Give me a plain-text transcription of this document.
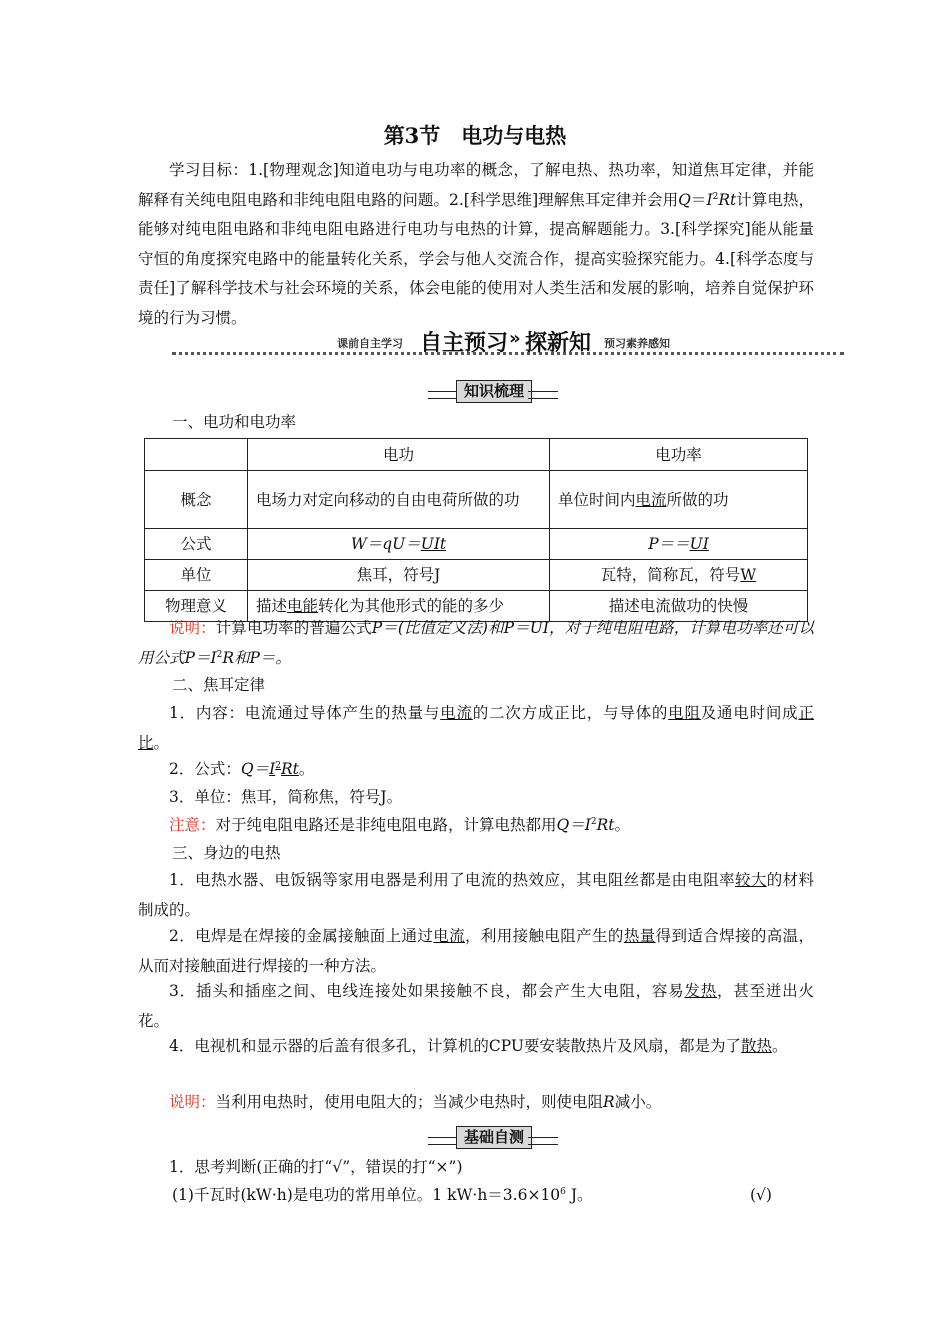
第3节　电功与电热
学习目标：1.[物理观念]知道电功与电功率的概念，了解电热、热功率，知道焦耳定律，并能解释有关纯电阻电路和非纯电阻电路的问题。2.[科学思维]理解焦耳定律并会用$Q=I^2Rt$计算电热，能够对纯电阻电路和非纯电阻电路进行电功与电热的计算，提高解题能力。3.[科学探究]能从能量守恒的角度探究电路中的能量转化关系，学会与他人交流合作，提高实验探究能力。4.[科学态度与责任]了解科学技术与社会环境的关系，体会电能的使用对人类生活和发展的影响，培养自觉保护环境的行为习惯。
课前自主学习 自主预习 » 探新知 预习素养感知
知识梳理
一、电功和电功率
	电功	电功率
概念	电场力对定向移动的自由电荷所做的功	单位时间内电流所做的功
公式	W＝qU＝UIt	P＝＝UI
单位	焦耳，符号J	瓦特，简称瓦，符号W
物理意义	描述电能转化为其他形式的能的多少	描述电流做功的快慢
说明：计算电功率的普遍公式P＝(比值定义法)和P＝UI，对于纯电阻电路，计算电功率还可以用公式$P=I^2R$和P＝。
二、焦耳定律
1．内容：电流通过导体产生的热量与电流的二次方成正比，与导体的电阻及通电时间成正比。
2．公式：$Q=I^2Rt$。
3．单位：焦耳，简称焦，符号J。
注意：对于纯电阻电路还是非纯电阻电路，计算电热都用$Q=I^2Rt$。
三、身边的电热
1．电热水器、电饭锅等家用电器是利用了电流的热效应，其电阻丝都是由电阻率较大的材料制成的。
2．电焊是在焊接的金属接触面上通过电流，利用接触电阻产生的热量得到适合焊接的高温，从而对接触面进行焊接的一种方法。
3．插头和插座之间、电线连接处如果接触不良，都会产生大电阻，容易发热，甚至迸出火花。
4．电视机和显示器的后盖有很多孔，计算机的CPU要安装散热片及风扇，都是为了散热。
说明：当利用电热时，使用电阻大的；当减少电热时，则使电阻R减小。
基础自测
1．思考判断(正确的打“√”，错误的打“×”)
(1)千瓦时(kW·h)是电功的常用单位。1 $kW\cdot h=3.6\times 10^6$ J。	(√)
